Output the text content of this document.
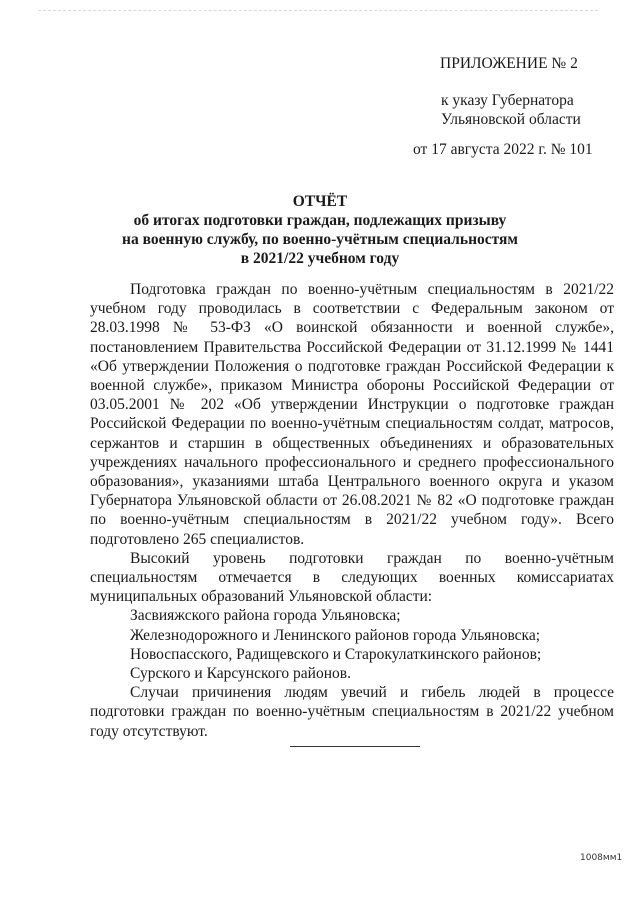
ПРИЛОЖЕНИЕ № 2
к указу Губернатора
Ульяновской области
от 17 августа 2022 г. № 101
ОТЧЁТ
об итогах подготовки граждан, подлежащих призыву
на военную службу, по военно-учётным специальностям
в 2021/22 учебном году

Подготовка граждан по военно-учётным специальностям в 2021/22 учебном году проводилась в соответствии с Федеральным законом от 28.03.1998 № 53-ФЗ «О воинской обязанности и военной службе», постановлением Правительства Российской Федерации от 31.12.1999 № 1441 «Об утверждении Положения о подготовке граждан Российской Федерации к военной службе», приказом Министра обороны Российской Федерации от 03.05.2001 № 202 «Об утверждении Инструкции о подготовке граждан Российской Федерации по военно-учётным специальностям солдат, матросов, сержантов и старшин в общественных объединениях и образовательных учреждениях начального профессионального и среднего профессионального образования», указаниями штаба Центрального военного округа и указом Губернатора Ульяновской области от 26.08.2021 № 82 «О подготовке граждан по военно-учётным специальностям в 2021/22 учебном году». Всего подготовлено 265 специалистов.

Высокий уровень подготовки граждан по военно-учётным специальностям отмечается в следующих военных комиссариатах муниципальных образований Ульяновской области:

Засвияжского района города Ульяновска;

Железнодорожного и Ленинского районов города Ульяновска;

Новоспасского, Радищевского и Старокулаткинского районов;

Сурского и Карсунского районов.

Случаи причинения людям увечий и гибель людей в процессе подготовки граждан по военно-учётным специальностям в 2021/22 учебном году отсутствуют.

1008мм1
